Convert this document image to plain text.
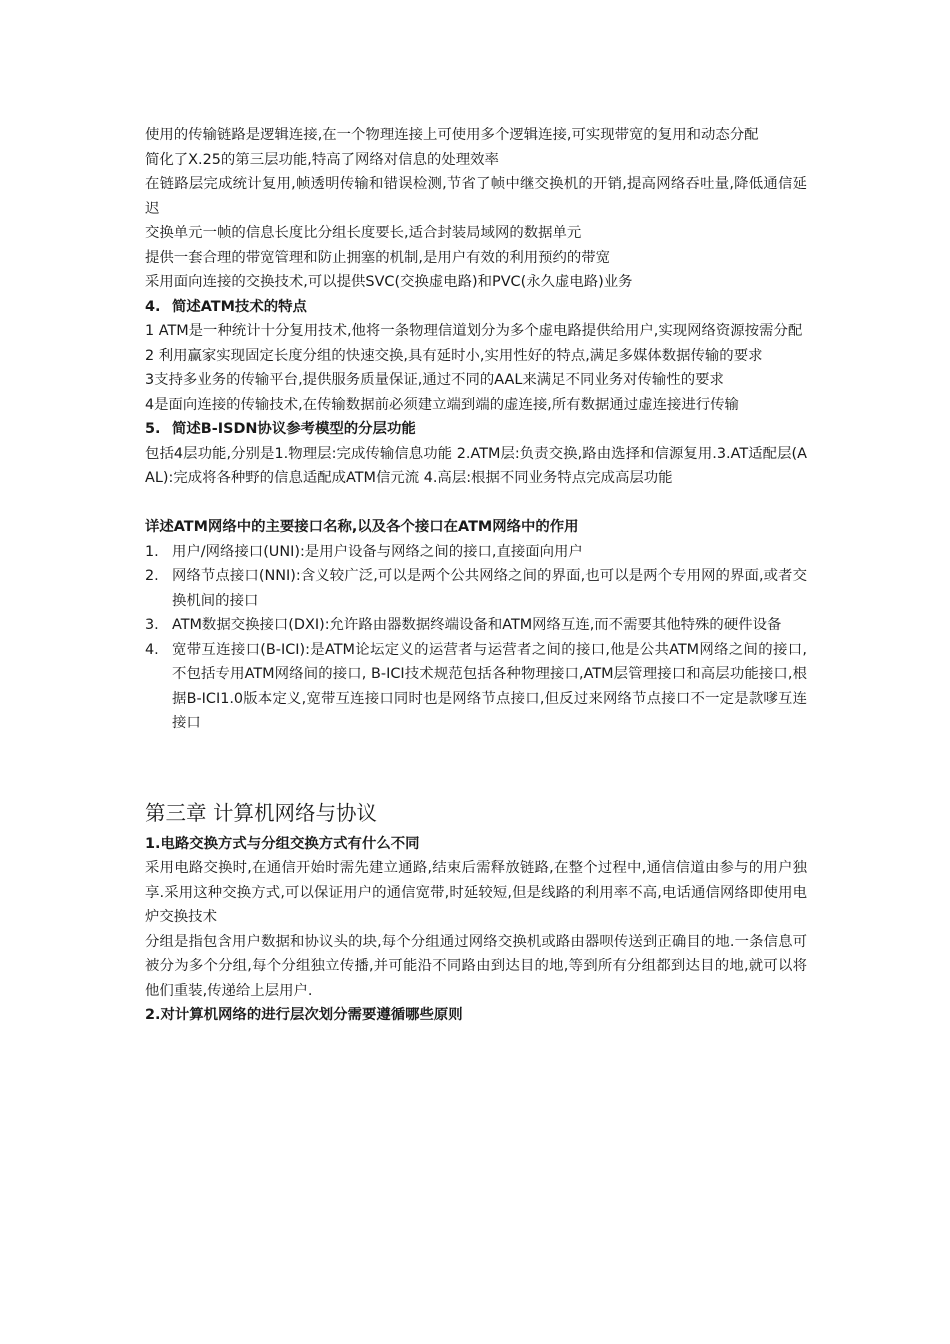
使用的传输链路是逻辑连接,在一个物理连接上可使用多个逻辑连接,可实现带宽的复用和动态分配

简化了X.25的第三层功能,特高了网络对信息的处理效率

在链路层完成统计复用,帧透明传输和错误检测,节省了帧中继交换机的开销,提高网络吞吐量,降低通信延迟

交换单元一帧的信息长度比分组长度要长,适合封装局域网的数据单元

提供一套合理的带宽管理和防止拥塞的机制,是用户有效的利用预约的带宽

采用面向连接的交换技术,可以提供SVC(交换虚电路)和PVC(永久虚电路)业务

4. 简述ATM技术的特点

1 ATM是一种统计十分复用技术,他将一条物理信道划分为多个虚电路提供给用户,实现网络资源按需分配

2 利用赢家实现固定长度分组的快速交换,具有延时小,实用性好的特点,满足多媒体数据传输的要求

3支持多业务的传输平台,提供服务质量保证,通过不同的AAL来满足不同业务对传输性的要求

4是面向连接的传输技术,在传输数据前必须建立端到端的虚连接,所有数据通过虚连接进行传输

5. 简述B-ISDN协议参考模型的分层功能

包括4层功能,分别是1.物理层:完成传输信息功能 2.ATM层:负责交换,路由选择和信源复用.3.AT适配层(AAL):完成将各种野的信息适配成ATM信元流 4.高层:根据不同业务特点完成高层功能

详述ATM网络中的主要接口名称,以及各个接口在ATM网络中的作用

1. 用户/网络接口(UNI):是用户设备与网络之间的接口,直接面向用户
2. 网络节点接口(NNI):含义较广泛,可以是两个公共网络之间的界面,也可以是两个专用网的界面,或者交换机间的接口
3. ATM数据交换接口(DXI):允许路由器数据终端设备和ATM网络互连,而不需要其他特殊的硬件设备
4. 宽带互连接口(B-ICI):是ATM论坛定义的运营者与运营者之间的接口,他是公共ATM网络之间的接口,不包括专用ATM网络间的接口, B-ICI技术规范包括各种物理接口,ATM层管理接口和高层功能接口,根据B-ICI1.0版本定义,宽带互连接口同时也是网络节点接口,但反过来网络节点接口不一定是款嗲互连接口
第三章 计算机网络与协议

1.电路交换方式与分组交换方式有什么不同

采用电路交换时,在通信开始时需先建立通路,结束后需释放链路,在整个过程中,通信信道由参与的用户独享.采用这种交换方式,可以保证用户的通信宽带,时延较短,但是线路的利用率不高,电话通信网络即使用电炉交换技术

分组是指包含用户数据和协议头的块,每个分组通过网络交换机或路由器呗传送到正确目的地.一条信息可被分为多个分组,每个分组独立传播,并可能沿不同路由到达目的地,等到所有分组都到达目的地,就可以将他们重装,传递给上层用户.

2.对计算机网络的进行层次划分需要遵循哪些原则
